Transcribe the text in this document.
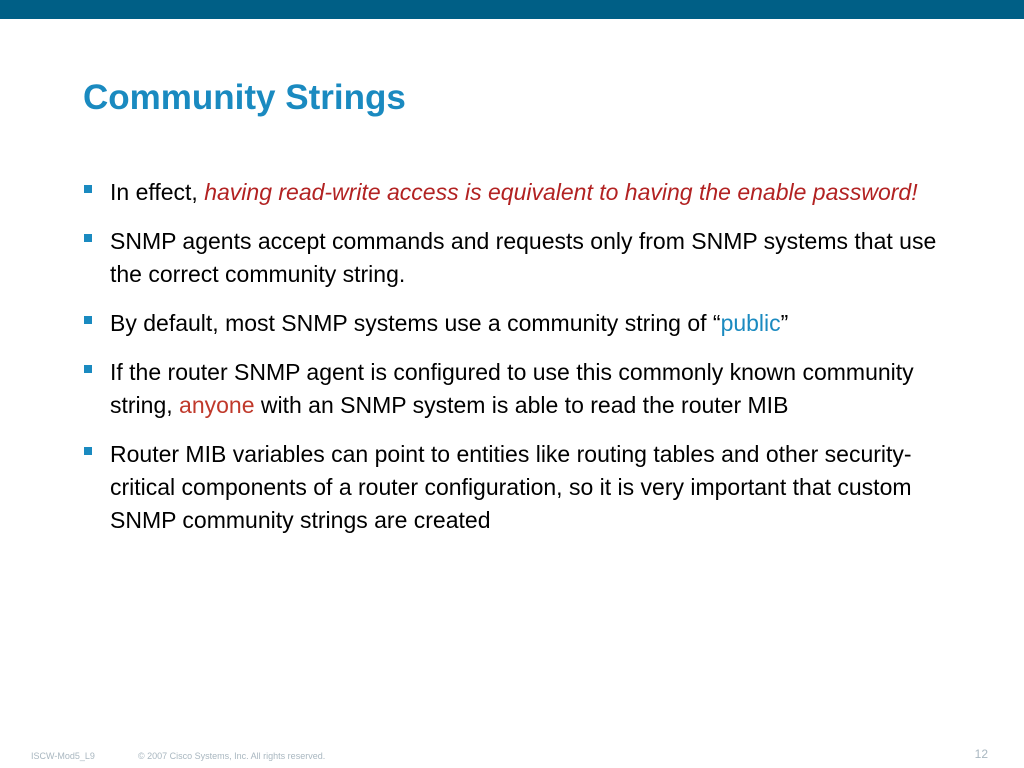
Community Strings
In effect, having read-write access is equivalent to having the enable password!
SNMP agents accept commands and requests only from SNMP systems that use the correct community string.
By default, most SNMP systems use a community string of “public”
If the router SNMP agent is configured to use this commonly known community string, anyone with an SNMP system is able to read the router MIB
Router MIB variables can point to entities like routing tables and other security-critical components of a router configuration, so it is very important that custom SNMP community strings are created
ISCW-Mod5_L9	© 2007 Cisco Systems, Inc. All rights reserved.	12
